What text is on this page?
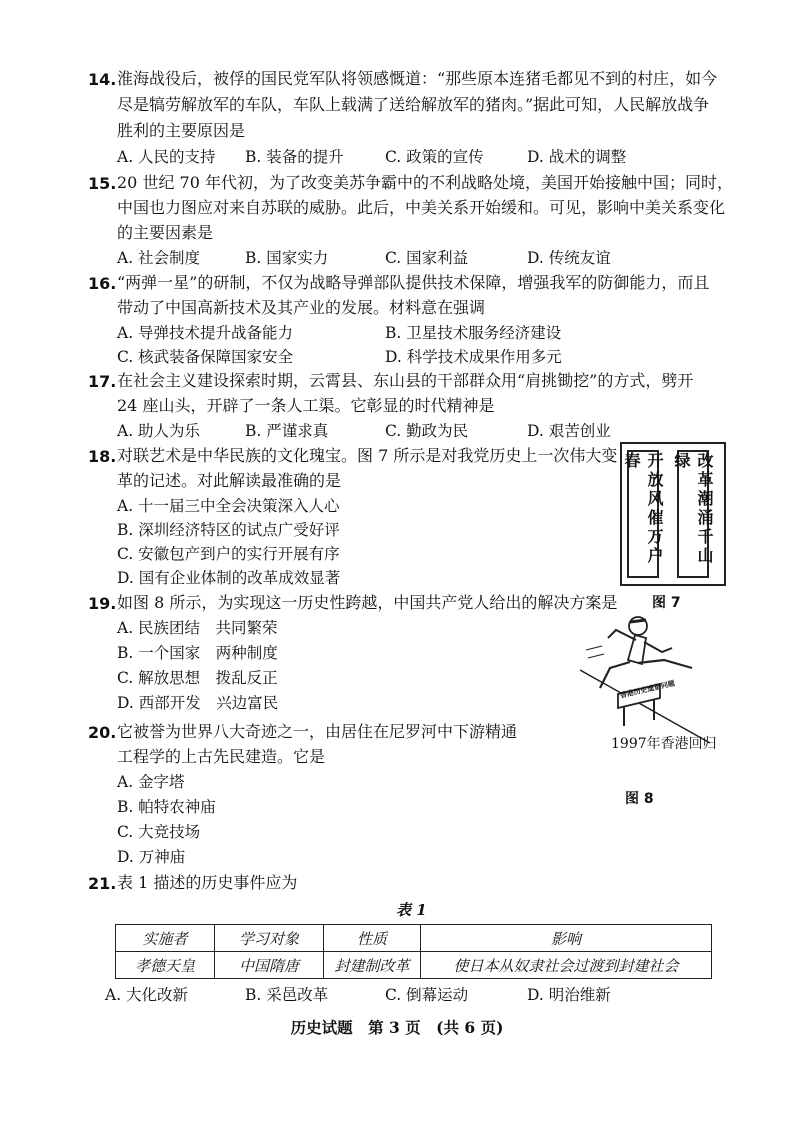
14. 淮海战役后，被俘的国民党军队将领感慨道：“那些原本连猪毛都见不到的村庄，如今
尽是犒劳解放军的车队，车队上载满了送给解放军的猪肉。”据此可知，人民解放战争
胜利的主要原因是
A. 人民的支持 B. 装备的提升	C. 政策的宣传	D. 战术的调整
15. 20 世纪 70 年代初，为了改变美苏争霸中的不利战略处境，美国开始接触中国；同时，
中国也力图应对来自苏联的威胁。此后，中美关系开始缓和。可见，影响中美关系变化
的主要因素是
A. 社会制度	B. 国家实力	C. 国家利益	D. 传统友谊
16. “两弹一星”的研制，不仅为战略导弹部队提供技术保障，增强我军的防御能力，而且
带动了中国高新技术及其产业的发展。材料意在强调
A. 导弹技术提升战备能力	B. 卫星技术服务经济建设
C. 核武装备保障国家安全	D. 科学技术成果作用多元
17. 在社会主义建设探索时期，云霄县、东山县的干部群众用“肩挑锄挖”的方式，劈开
24 座山头，开辟了一条人工渠。它彰显的时代精神是
A. 助人为乐	B. 严谨求真	C. 勤政为民	D. 艰苦创业
18. 对联艺术是中华民族的文化瑰宝。图 7 所示是对我党历史上一次伟大变
革的记述。对此解读最准确的是
A. 十一届三中全会决策深入人心
B. 深圳经济特区的试点广受好评
C. 安徽包产到户的实行开展有序
D. 国有企业体制的改革成效显著
开放风催万户春	改革潮涌千山绿
图 7
19. 如图 8 所示，为实现这一历史性跨越，中国共产党人给出的解决方案是
A. 民族团结　共同繁荣
B. 一个国家　两种制度
C. 解放思想　拨乱反正
D. 西部开发　兴边富民
香港历史遗留问题
1997年香港回归
图 8
20. 它被誉为世界八大奇迹之一，由居住在尼罗河中下游精通
工程学的上古先民建造。它是
A. 金字塔
B. 帕特农神庙
C. 大竞技场
D. 万神庙
21. 表 1 描述的历史事件应为
表 1
实施者	学习对象	性质	影响
孝德天皇	中国隋唐	封建制改革	使日本从奴隶社会过渡到封建社会
A. 大化改新	B. 采邑改革	C. 倒幕运动	D. 明治维新
历史试题　第 3 页　(共 6 页)
